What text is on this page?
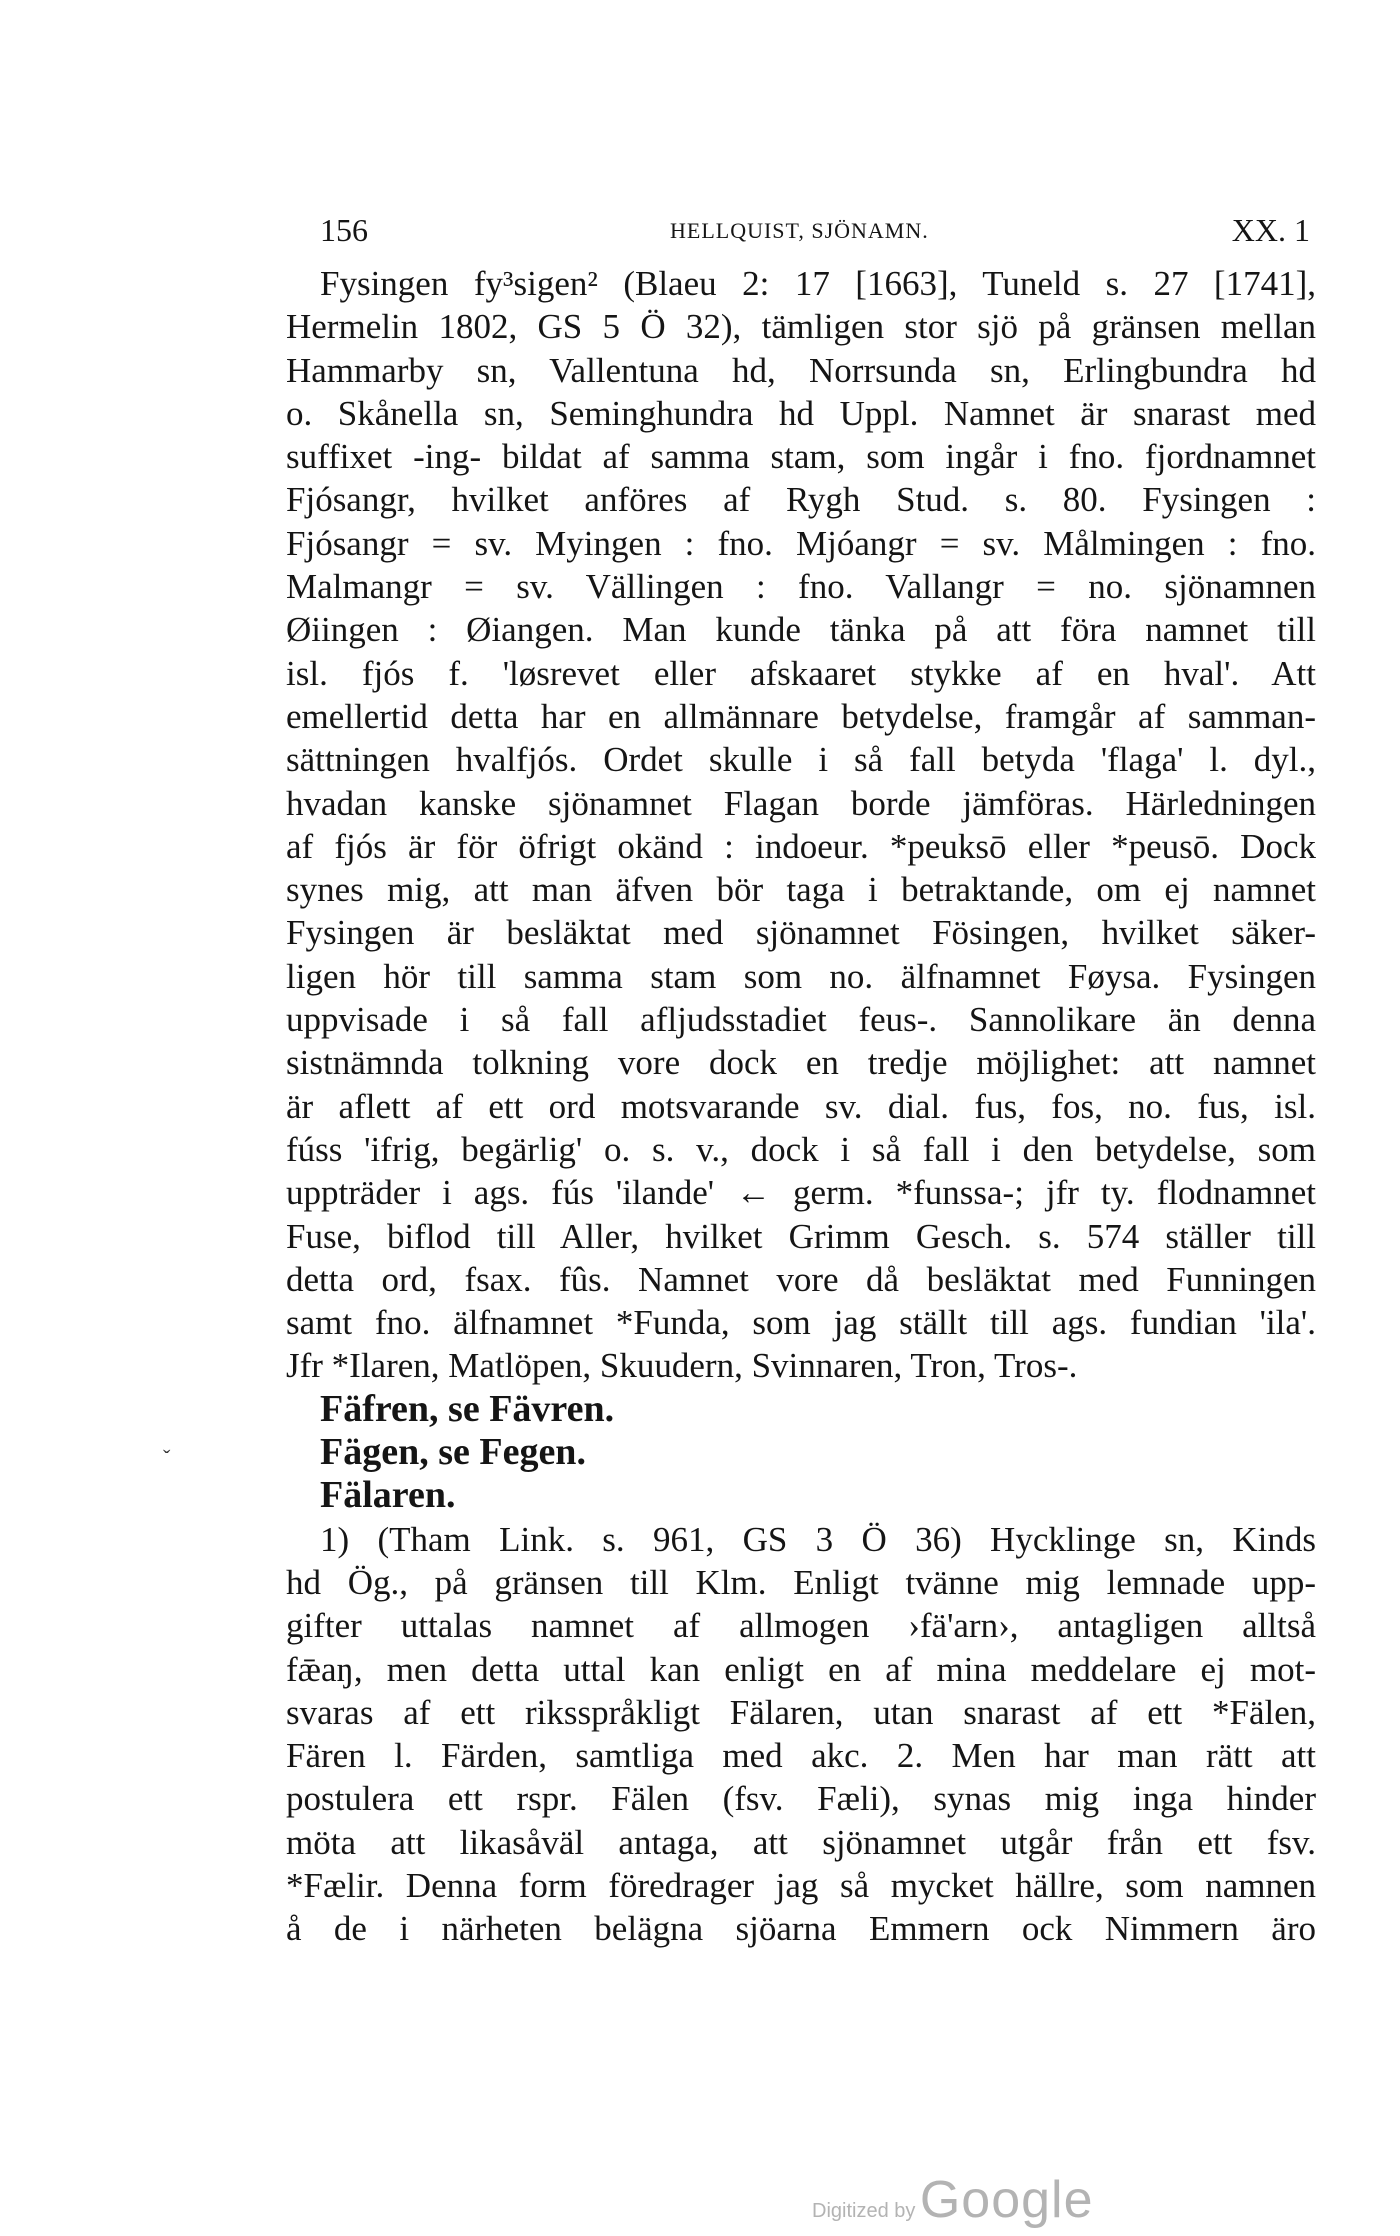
156	HELLQUIST, SJÖNAMN.	XX. 1
ˇ
Fysingen fy³sigen² (Blaeu 2: 17 [1663], Tuneld s. 27 [1741],
Hermelin 1802, GS 5 Ö 32), tämligen stor sjö på gränsen mellan
Hammarby sn, Vallentuna hd, Norrsunda sn, Erlingbundra hd
o. Skånella sn, Seminghundra hd Uppl. Namnet är snarast med
suffixet -ing- bildat af samma stam, som ingår i fno. fjordnamnet
Fjósangr, hvilket anföres af Rygh Stud. s. 80. Fysingen :
Fjósangr = sv. Myingen : fno. Mjóangr = sv. Målmingen : fno.
Malmangr = sv. Vällingen : fno. Vallangr = no. sjönamnen
Øiingen : Øiangen. Man kunde tänka på att föra namnet till
isl. fjós f. 'løsrevet eller afskaaret stykke af en hval'. Att
emellertid detta har en allmännare betydelse, framgår af samman-
sättningen hvalfjós. Ordet skulle i så fall betyda 'flaga' l. dyl.,
hvadan kanske sjönamnet Flagan borde jämföras. Härledningen
af fjós är för öfrigt okänd : indoeur. *peuksō eller *peusō. Dock
synes mig, att man äfven bör taga i betraktande, om ej namnet
Fysingen är besläktat med sjönamnet Fösingen, hvilket säker-
ligen hör till samma stam som no. älfnamnet Føysa. Fysingen
uppvisade i så fall afljudsstadiet feus-. Sannolikare än denna
sistnämnda tolkning vore dock en tredje möjlighet: att namnet
är aflett af ett ord motsvarande sv. dial. fus, fos, no. fus, isl.
fúss 'ifrig, begärlig' o. s. v., dock i så fall i den betydelse, som
uppträder i ags. fús 'ilande' ← germ. *funssa-; jfr ty. flodnamnet
Fuse, biflod till Aller, hvilket Grimm Gesch. s. 574 ställer till
detta ord, fsax. fûs. Namnet vore då besläktat med Funningen
samt fno. älfnamnet *Funda, som jag ställt till ags. fundian 'ila'.
Jfr *Ilaren, Matlöpen, Skuudern, Svinnaren, Tron, Tros-.
Fäfren, se Fävren.
Fägen, se Fegen.
Fälaren.
1) (Tham Link. s. 961, GS 3 Ö 36) Hycklinge sn, Kinds
hd Ög., på gränsen till Klm. Enligt tvänne mig lemnade upp-
gifter uttalas namnet af allmogen ›fä'arn›, antagligen alltså
fǣaŋ, men detta uttal kan enligt en af mina meddelare ej mot-
svaras af ett riksspråkligt Fälaren, utan snarast af ett *Fälen,
Fären l. Färden, samtliga med akc. 2. Men har man rätt att
postulera ett rspr. Fälen (fsv. Fæli), synas mig inga hinder
möta att likasåväl antaga, att sjönamnet utgår från ett fsv.
*Fælir. Denna form föredrager jag så mycket hällre, som namnen
å de i närheten belägna sjöarna Emmern ock Nimmern äro
Digitized by Google
